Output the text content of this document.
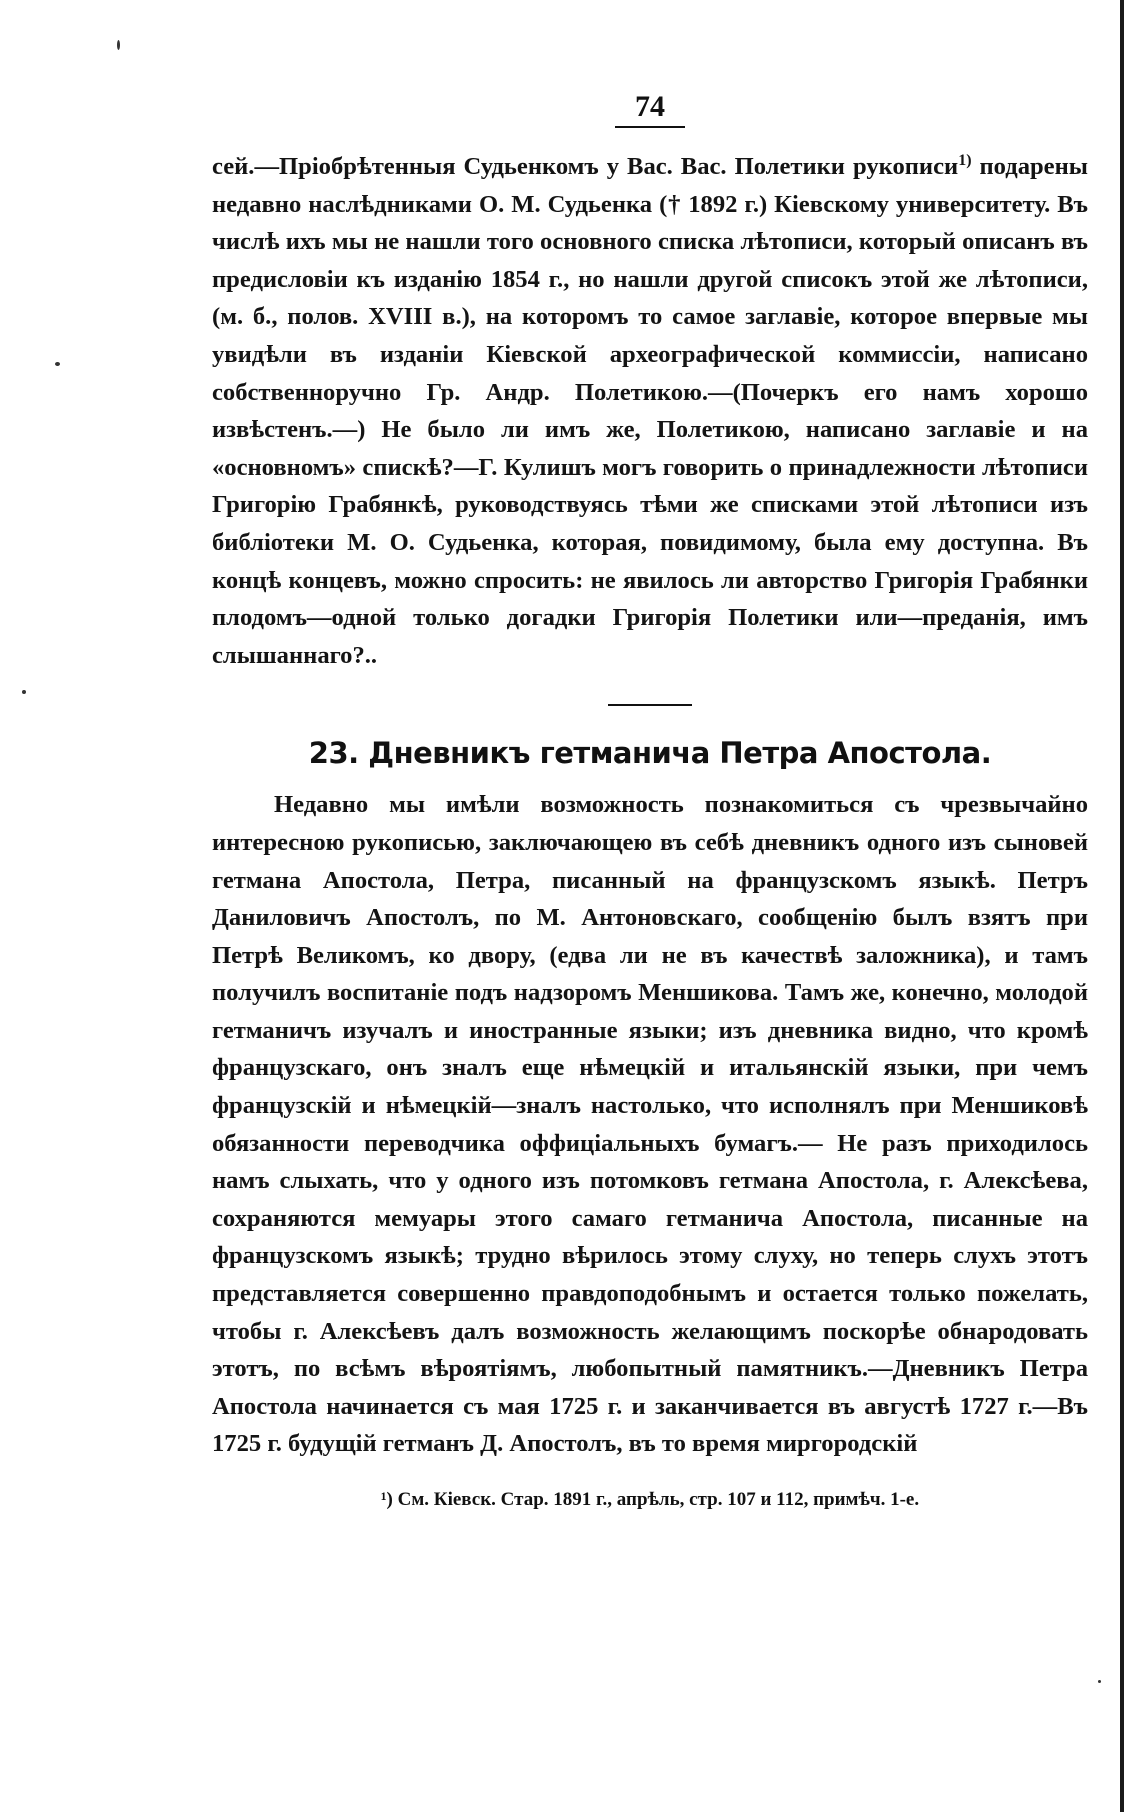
74

сей.—Пріобрѣтенныя Судьенкомъ у Вас. Вас. Полетики рукописи$^{1)}$ подарены недавно наслѣдниками О. М. Судьенка († 1892 г.) Кіевскому университету. Въ числѣ ихъ мы не нашли того основного списка лѣтописи, который описанъ въ предисловіи къ изданію 1854 г., но нашли другой списокъ этой же лѣтописи, (м. б., полов. XVIII в.), на которомъ то самое заглавіе, которое впервые мы увидѣли въ изданіи Кіевской археографической коммиссіи, написано собственноручно Гр. Андр. Полетикою.—(Почеркъ его намъ хорошо извѣстенъ.—) Не было ли имъ же, Полетикою, написано заглавіе и на «основномъ» спискѣ?—Г. Кулишъ могъ говорить о принадлежности лѣтописи Григорію Грабянкѣ, руководствуясь тѣми же списками этой лѣтописи изъ библіотеки М. О. Судьенка, которая, повидимому, была ему доступна. Въ концѣ концевъ, можно спросить: не явилось ли авторство Григорія Грабянки плодомъ—одной только догадки Григорія Полетики или—преданія, имъ слышаннаго?..

23. Дневникъ гетманича Петра Апостола.

Недавно мы имѣли возможность познакомиться съ чрезвычайно интересною рукописью, заключающею въ себѣ дневникъ одного изъ сыновей гетмана Апостола, Петра, писанный на французскомъ языкѣ. Петръ Даниловичъ Апостолъ, по М. Антоновскаго, сообщенію былъ взятъ при Петрѣ Великомъ, ко двору, (едва ли не въ качествѣ заложника), и тамъ получилъ воспитаніе подъ надзоромъ Меншикова. Тамъ же, конечно, молодой гетманичъ изучалъ и иностранные языки; изъ дневника видно, что кромѣ французскаго, онъ зналъ еще нѣмецкій и итальянскій языки, при чемъ французскій и нѣмецкій—зналъ настолько, что исполнялъ при Меншиковѣ обязанности переводчика оффиціальныхъ бумагъ.— Не разъ приходилось намъ слыхать, что у одного изъ потомковъ гетмана Апостола, г. Алексѣева, сохраняются мемуары этого самаго гетманича Апостола, писанные на французскомъ языкѣ; трудно вѣрилось этому слуху, но теперь слухъ этотъ представляется совершенно правдоподобнымъ и остается только пожелать, чтобы г. Алексѣевъ далъ возможность желающимъ поскорѣе обнародовать этотъ, по всѣмъ вѣроятіямъ, любопытный памятникъ.—Дневникъ Петра Апостола начинается съ мая 1725 г. и заканчивается въ августѣ 1727 г.—Въ 1725 г. будущій гетманъ Д. Апостолъ, въ то время миргородскій

¹) См. Кіевск. Стар. 1891 г., апрѣль, стр. 107 и 112, примѣч. 1-е.
